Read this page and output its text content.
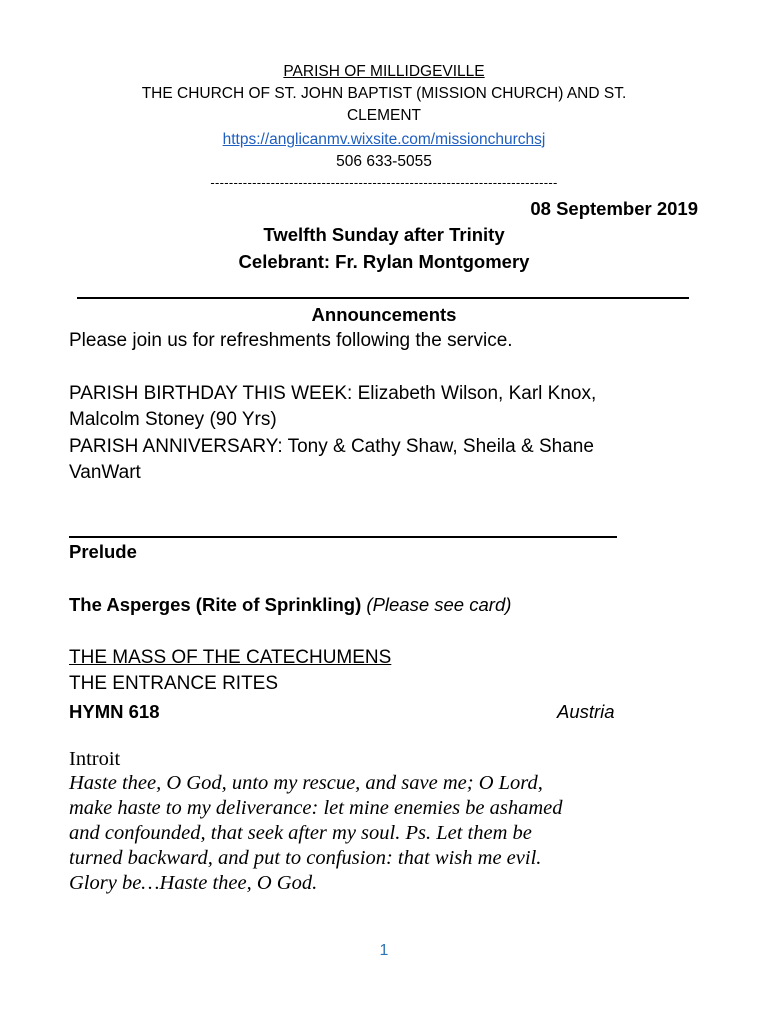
PARISH OF MILLIDGEVILLE
THE CHURCH OF ST. JOHN BAPTIST (MISSION CHURCH) AND ST.
CLEMENT
https://anglicanmv.wixsite.com/missionchurchsj
506 633-5055
---------------------------------------------------------------------------
08 September 2019
Twelfth Sunday after Trinity
Celebrant: Fr. Rylan Montgomery
Announcements
Please join us for refreshments following the service.
PARISH BIRTHDAY THIS WEEK: Elizabeth Wilson, Karl Knox,
Malcolm Stoney (90 Yrs)
PARISH ANNIVERSARY: Tony & Cathy Shaw, Sheila & Shane
VanWart
Prelude
The Asperges (Rite of Sprinkling) (Please see card)
THE MASS OF THE CATECHUMENS
THE ENTRANCE RITES
HYMN 618	Austria
Introit
Haste thee, O God, unto my rescue, and save me; O Lord,
make haste to my deliverance: let mine enemies be ashamed
and confounded, that seek after my soul. Ps. Let them be
turned backward, and put to confusion: that wish me evil.
Glory be…Haste thee, O God.
1
